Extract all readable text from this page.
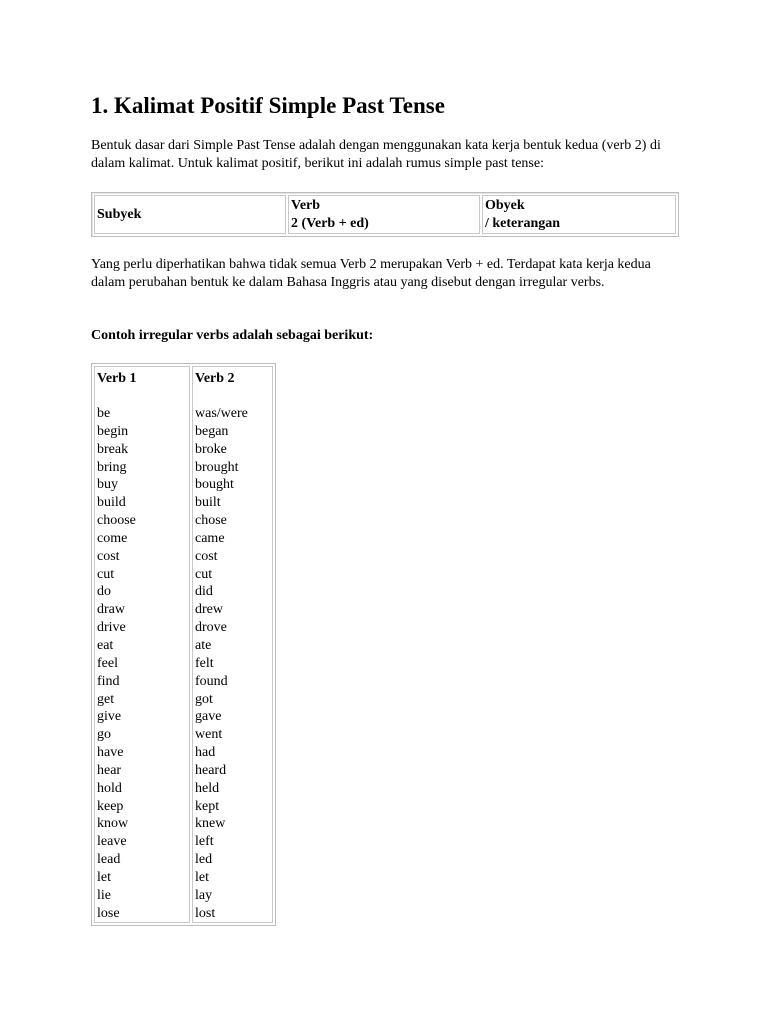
1. Kalimat Positif Simple Past Tense

Bentuk dasar dari Simple Past Tense adalah dengan menggunakan kata kerja bentuk kedua (verb 2) di dalam kalimat. Untuk kalimat positif, berikut ini adalah rumus simple past tense:

Subyek
Verb
2 (Verb + ed)
Obyek
/ keterangan

Yang perlu diperhatikan bahwa tidak semua Verb 2 merupakan Verb + ed. Terdapat kata kerja kedua dalam perubahan bentuk ke dalam Bahasa Inggris atau yang disebut dengan irregular verbs.

Contoh irregular verbs adalah sebagai berikut:

Verb 1
be
begin
break
bring
buy
build
choose
come
cost
cut
do
draw
drive
eat
feel
find
get
give
go
have
hear
hold
keep
know
leave
lead
let
lie
lose
Verb 2
was/were
began
broke
brought
bought
built
chose
came
cost
cut
did
drew
drove
ate
felt
found
got
gave
went
had
heard
held
kept
knew
left
led
let
lay
lost
